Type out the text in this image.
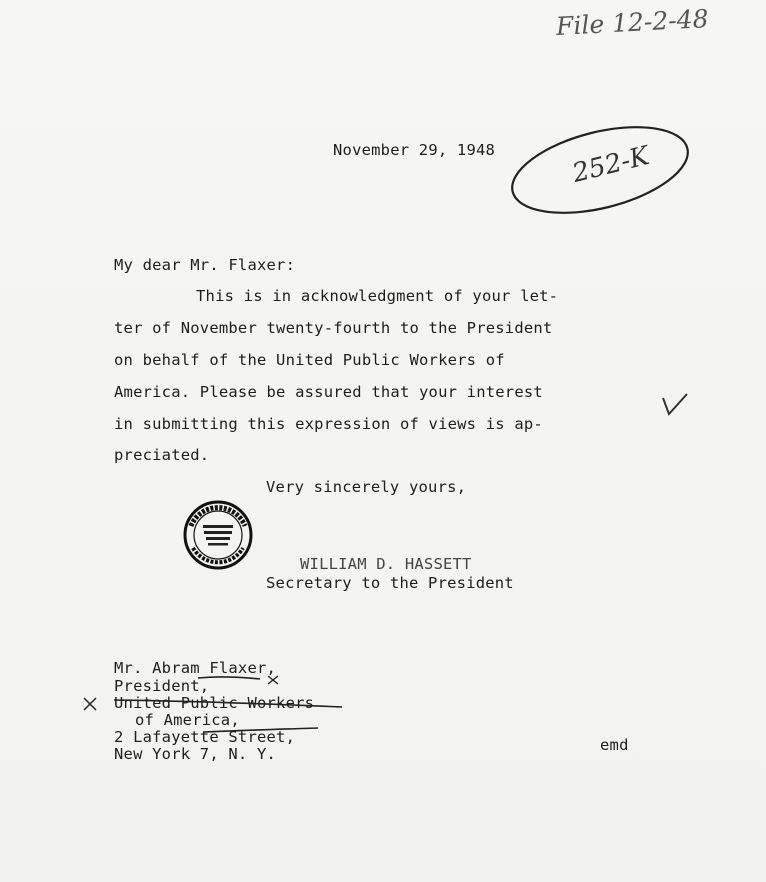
File 12-2-48
252-K
November 29, 1948
My dear Mr. Flaxer:
This is in acknowledgment of your let-
ter of November twenty-fourth to the President
on behalf of the United Public Workers of
America. Please be assured that your interest
in submitting this expression of views is ap-
preciated.
Very sincerely yours,
WILLIAM D. HASSETT
Secretary to the President
Mr. Abram Flaxer,
President,
United Public Workers
of America,
2 Lafayette Street,
New York 7, N. Y.	emd
